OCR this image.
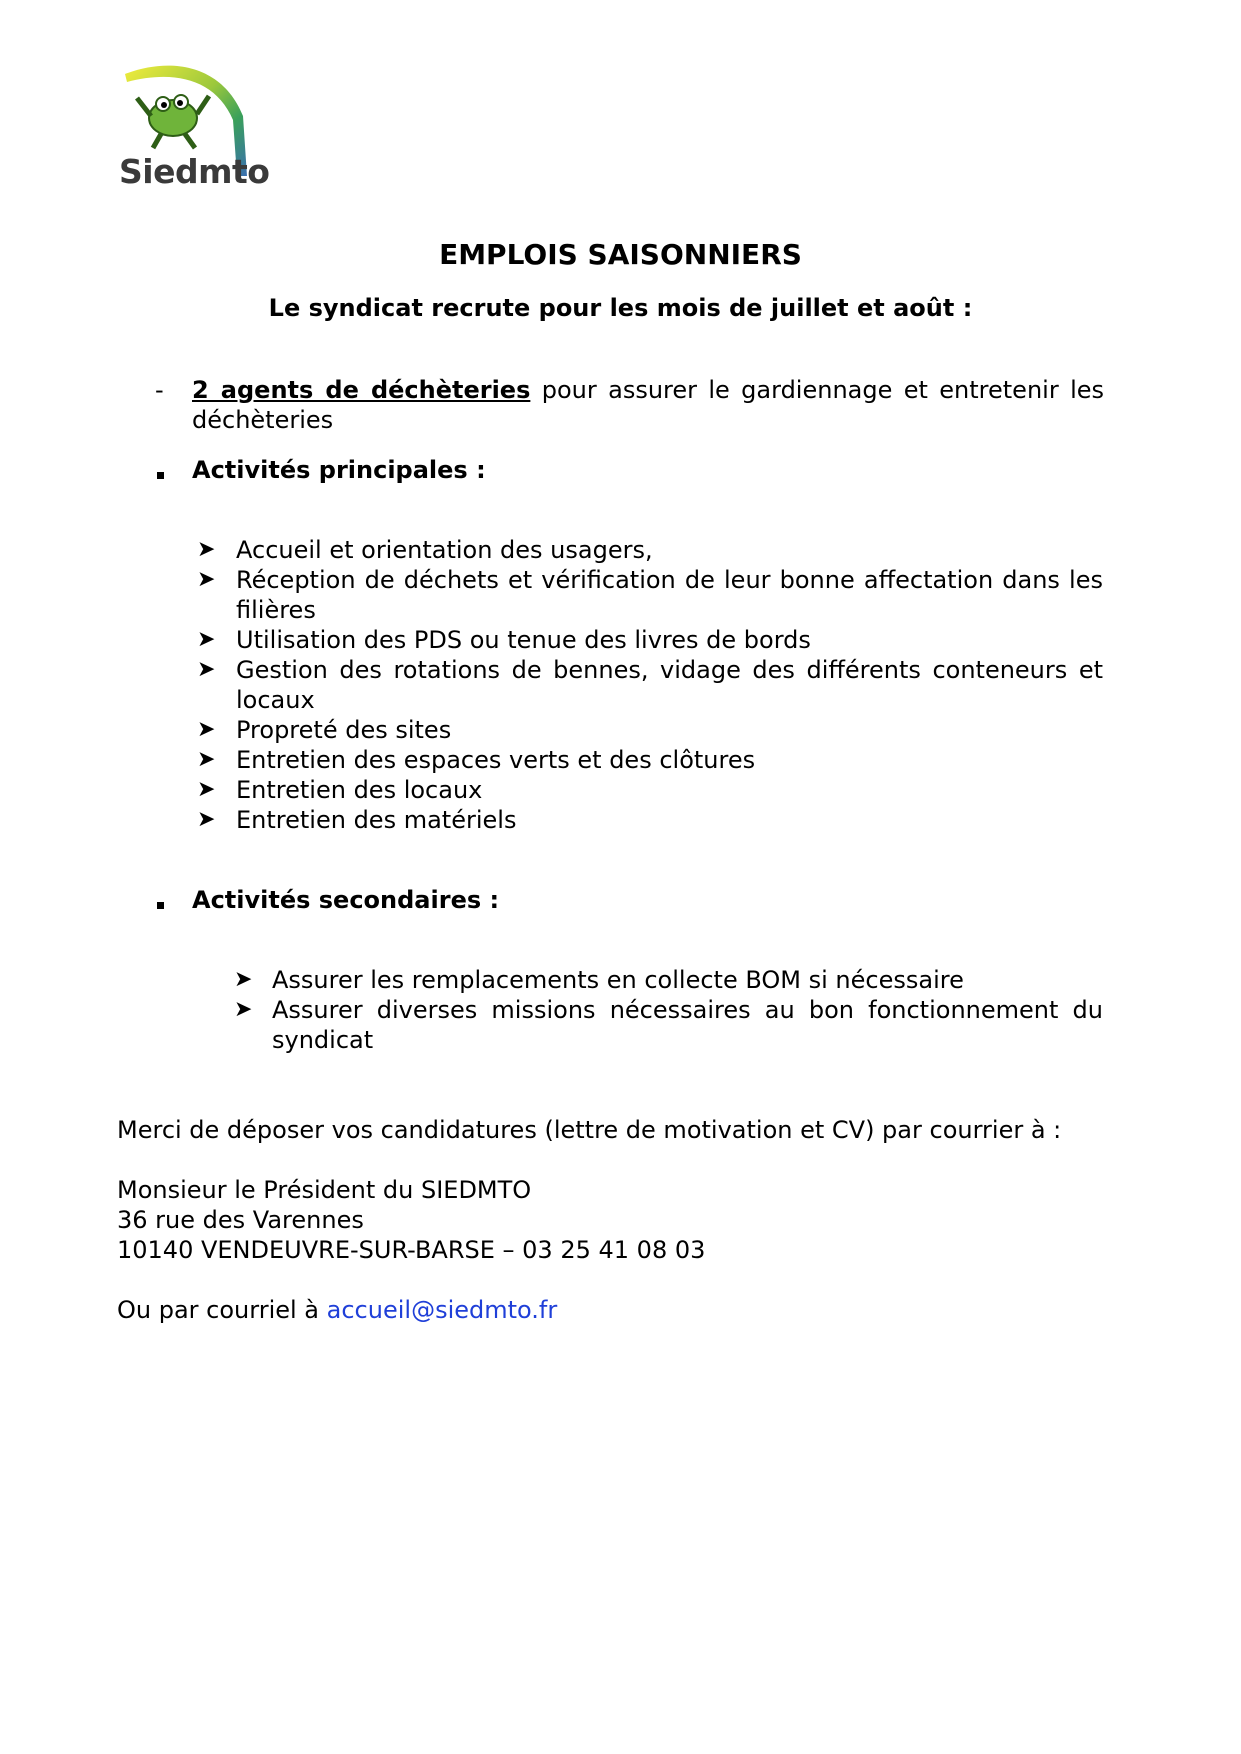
Siedmto
EMPLOIS SAISONNIERS
Le syndicat recrute pour les mois de juillet et août :
- 2 agents de déchèteries pour assurer le gardiennage et entretenir les
déchèteries
Activités principales :
➤ Accueil et orientation des usagers,
➤ Réception de déchets et vérification de leur bonne affectation dans les
filières
➤ Utilisation des PDS ou tenue des livres de bords
➤ Gestion des rotations de bennes, vidage des différents conteneurs et
locaux
➤ Propreté des sites
➤ Entretien des espaces verts et des clôtures
➤ Entretien des locaux
➤ Entretien des matériels
Activités secondaires :
➤ Assurer les remplacements en collecte BOM si nécessaire
➤ Assurer diverses missions nécessaires au bon fonctionnement du
syndicat
Merci de déposer vos candidatures (lettre de motivation et CV) par courrier à :
Monsieur le Président du SIEDMTO
36 rue des Varennes
10140 VENDEUVRE-SUR-BARSE – 03 25 41 08 03
Ou par courriel à accueil@siedmto.fr
